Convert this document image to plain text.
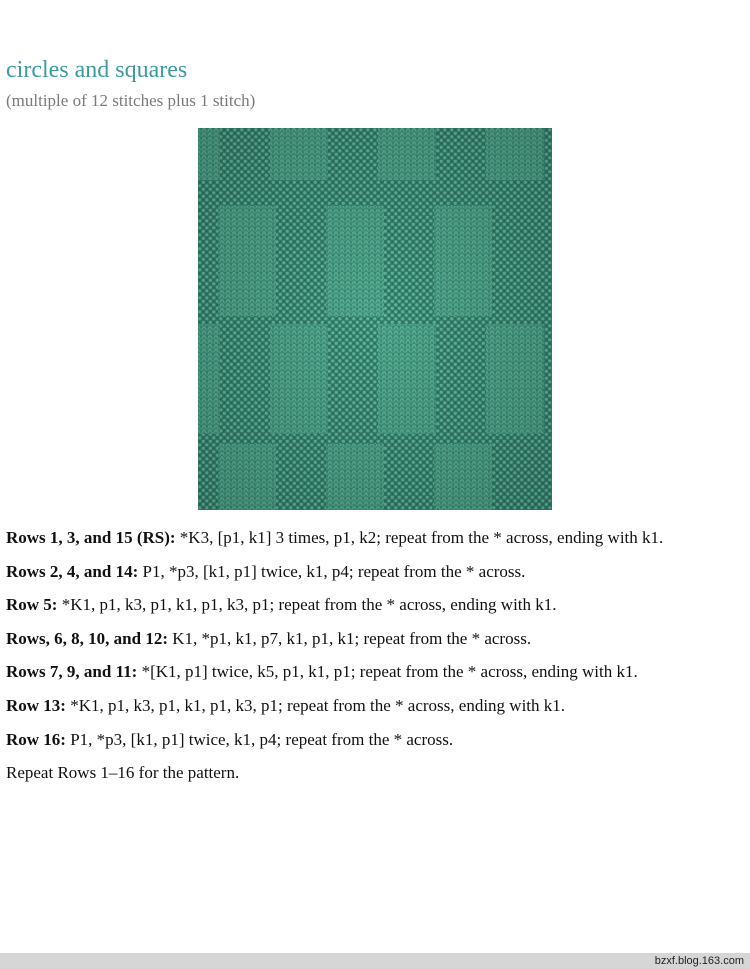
circles and squares
(multiple of 12 stitches plus 1 stitch)
Rows 1, 3, and 15 (RS): *K3, [p1, k1] 3 times, p1, k2; repeat from the * across, ending with k1.
Rows 2, 4, and 14: P1, *p3, [k1, p1] twice, k1, p4; repeat from the * across.
Row 5: *K1, p1, k3, p1, k1, p1, k3, p1; repeat from the * across, ending with k1.
Rows, 6, 8, 10, and 12: K1, *p1, k1, p7, k1, p1, k1; repeat from the * across.
Rows 7, 9, and 11: *[K1, p1] twice, k5, p1, k1, p1; repeat from the * across, ending with k1.
Row 13: *K1, p1, k3, p1, k1, p1, k3, p1; repeat from the * across, ending with k1.
Row 16: P1, *p3, [k1, p1] twice, k1, p4; repeat from the * across.
Repeat Rows 1–16 for the pattern.
bzxf.blog.163.com
